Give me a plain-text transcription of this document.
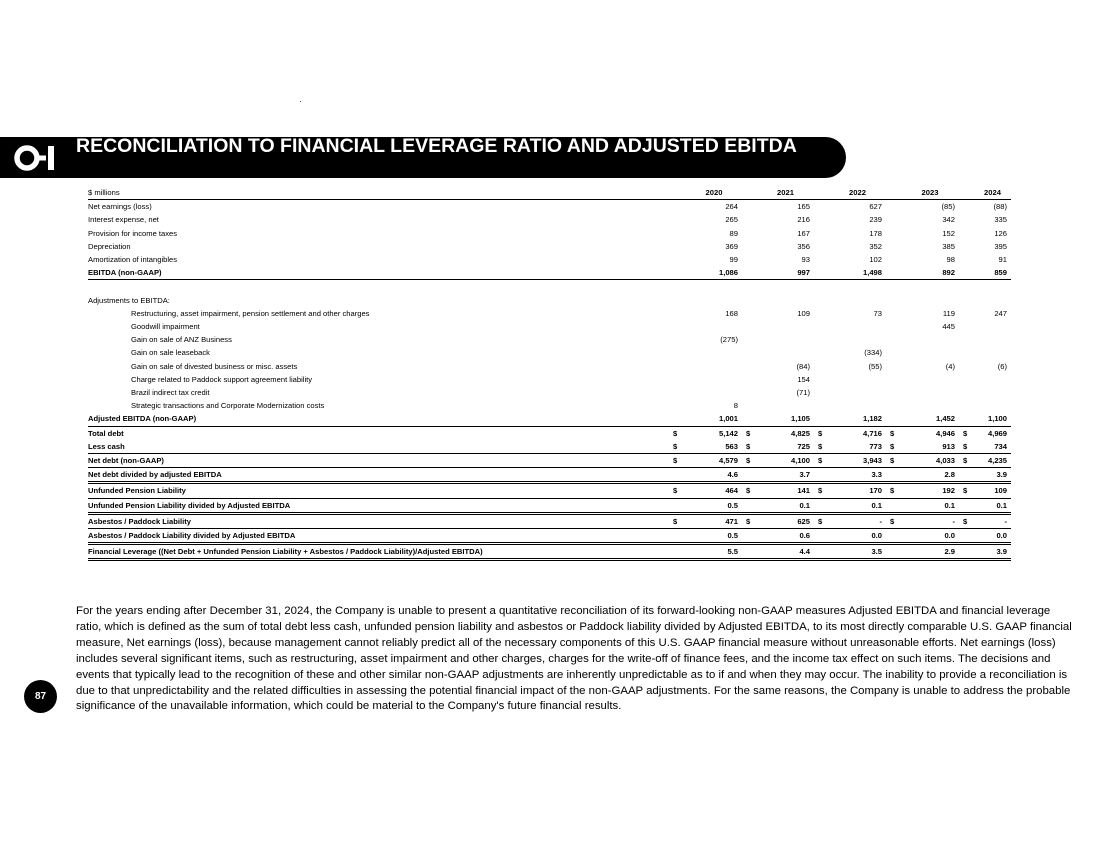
RECONCILIATION TO FINANCIAL LEVERAGE RATIO AND ADJUSTED EBITDA
$ millions		2020		2021		2022		2023		2024
Net earnings (loss)		264		165		627		(85)		(88)
Interest expense, net		265		216		239		342		335
Provision for income taxes		89		167		178		152		126
Depreciation		369		356		352		385		395
Amortization of intangibles		99		93		102		98		91
EBITDA (non-GAAP)		1,086		997		1,498		892		859

Adjustments to EBITDA:										
Restructuring, asset impairment, pension settlement and other charges		168		109		73		119		247
Goodwill impairment								445		
Gain on sale of ANZ Business		(275)								
Gain on sale leaseback						(334)				
Gain on sale of divested business or misc. assets				(84)		(55)		(4)		(6)
Charge related to Paddock support agreement liability				154						
Brazil indirect tax credit				(71)						
Strategic transactions and Corporate Modernization costs		8								
Adjusted EBITDA (non-GAAP)		1,001		1,105		1,182		1,452		1,100
Total debt	$	5,142	$	4,825	$	4,716	$	4,946	$	4,969
Less cash	$	563	$	725	$	773	$	913	$	734
Net debt (non-GAAP)	$	4,579	$	4,100	$	3,943	$	4,033	$	4,235
Net debt divided by adjusted EBITDA		4.6		3.7		3.3		2.8		3.9
Unfunded Pension Liability	$	464	$	141	$	170	$	192	$	109
Unfunded Pension Liability divided by Adjusted EBITDA		0.5		0.1		0.1		0.1		0.1
Asbestos / Paddock Liability	$	471	$	625	$	-	$	-	$	-
Asbestos / Paddock Liability divided by Adjusted EBITDA		0.5		0.6		0.0		0.0		0.0
Financial Leverage ((Net Debt + Unfunded Pension Liability + Asbestos / Paddock Liability)/Adjusted EBITDA)		5.5		4.4		3.5		2.9		3.9
For the years ending after December 31, 2024, the Company is unable to present a quantitative reconciliation of its forward-looking non-GAAP measures Adjusted EBITDA and financial leverage ratio, which is defined as the sum of total debt less cash, unfunded pension liability and asbestos or Paddock liability divided by Adjusted EBITDA, to its most directly comparable U.S. GAAP financial measure, Net earnings (loss), because management cannot reliably predict all of the necessary components of this U.S. GAAP financial measure without unreasonable efforts. Net earnings (loss) includes several significant items, such as restructuring, asset impairment and other charges, charges for the write-off of finance fees, and the income tax effect on such items. The decisions and events that typically lead to the recognition of these and other similar non-GAAP adjustments are inherently unpredictable as to if and when they may occur. The inability to provide a reconciliation is due to that unpredictability and the related difficulties in assessing the potential financial impact of the non-GAAP adjustments. For the same reasons, the Company is unable to address the probable significance of the unavailable information, which could be material to the Company's future financial results.
87
